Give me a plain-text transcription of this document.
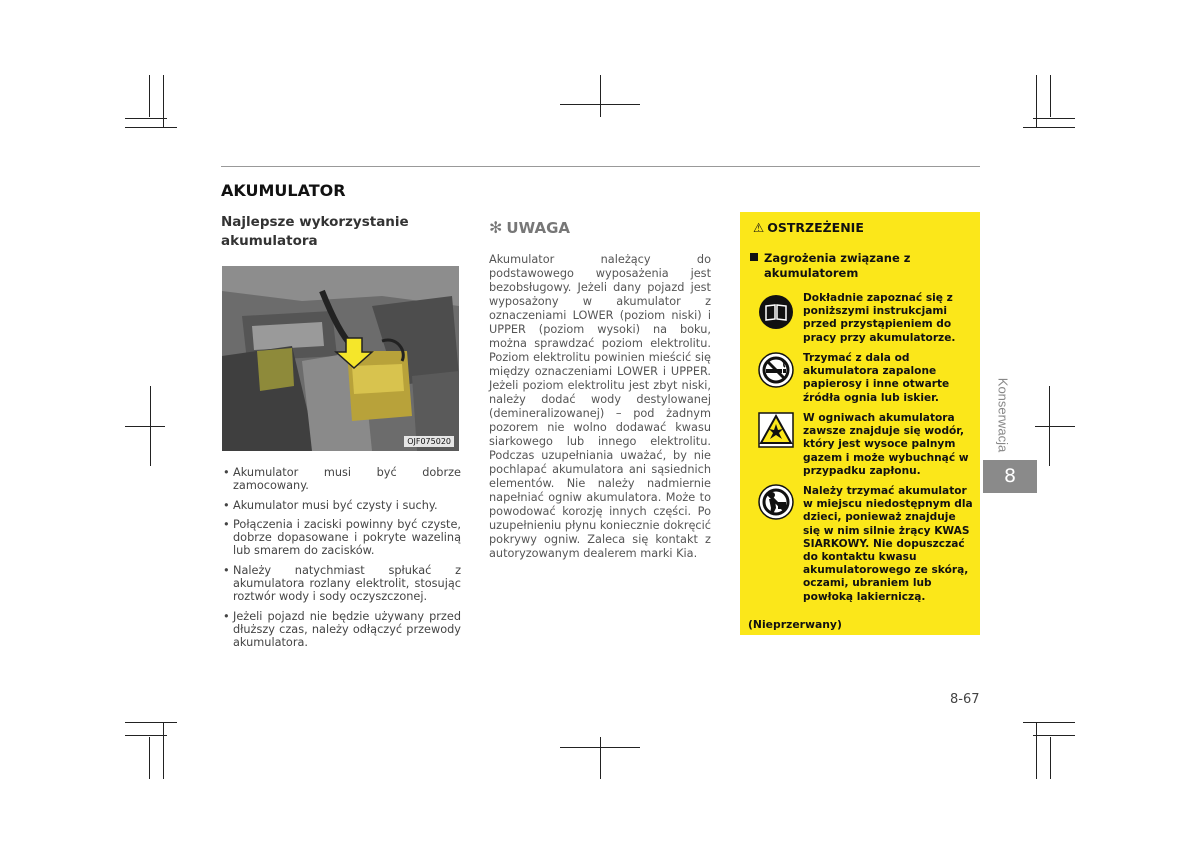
AKUMULATOR
Najlepsze wykorzystanie
akumulatora
OJF075020
• Akumulator musi być dobrze zamocowany.
• Akumulator musi być czysty i suchy.
• Połączenia i zaciski powinny być czyste, dobrze dopasowane i pokryte wazeliną lub smarem do zacisków.
• Należy natychmiast spłukać z akumulatora rozlany elektrolit, stosując roztwór wody i sody oczyszczonej.
• Jeżeli pojazd nie będzie używany przed dłuższy czas, należy odłączyć przewody akumulatora.
✻ UWAGA
Akumulator należący do podstawowego wyposażenia jest bezobsługowy. Jeżeli dany pojazd jest wyposażony w akumulator z oznaczeniami LOWER (poziom niski) i UPPER (poziom wysoki) na boku, można sprawdzać poziom elektrolitu. Poziom elektrolitu powinien mieścić się między oznaczeniami LOWER i UPPER. Jeżeli poziom elektrolitu jest zbyt niski, należy dodać wody destylowanej (demineralizowanej) – pod żadnym pozorem nie wolno dodawać kwasu siarkowego lub innego elektrolitu. Podczas uzupełniania uważać, by nie pochlapać akumulatora ani sąsiednich elementów. Nie należy nadmiernie napełniać ogniw akumulatora. Może to powodować korozję innych części. Po uzupełnieniu płynu koniecznie dokręcić pokrywy ogniw. Zaleca się kontakt z autoryzowanym dealerem marki Kia.
⚠ OSTRZEŻENIE
Zagrożenia związane z akumulatorem
Dokładnie zapoznać się z poniższymi instrukcjami przed przystąpieniem do pracy przy akumulatorze.
Trzymać z dala od akumulatora zapalone papierosy i inne otwarte źródła ognia lub iskier.
W ogniwach akumulatora zawsze znajduje się wodór, który jest wysoce palnym gazem i może wybuchnąć w przypadku zapłonu.
Należy trzymać akumulator w miejscu niedostępnym dla dzieci, ponieważ znajduje się w nim silnie żrący KWAS SIARKOWY. Nie dopuszczać do kontaktu kwasu akumulatorowego ze skórą, oczami, ubraniem lub powłoką lakierniczą.
(Nieprzerwany)
Konserwacja
8
8-67
